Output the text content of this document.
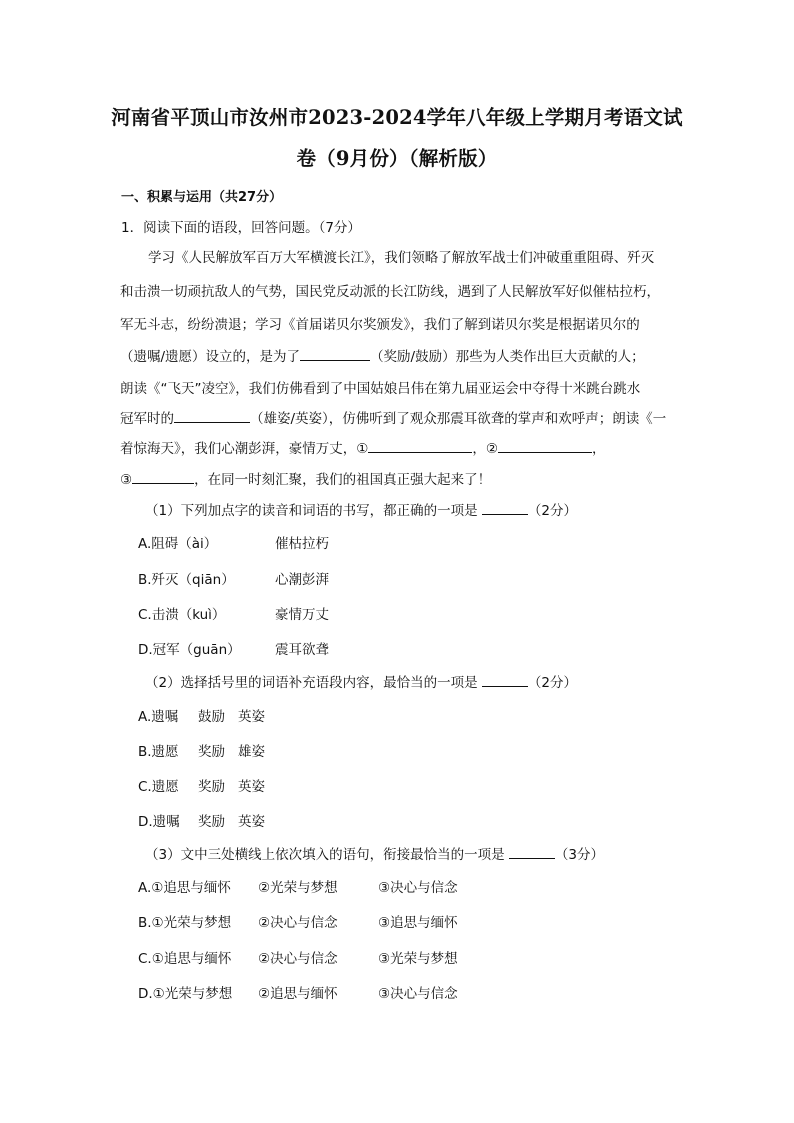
河南省平顶山市汝州市2023-2024学年八年级上学期月考语文试
卷（9月份）（解析版）
一、积累与运用（共27分）
1．阅读下面的语段，回答问题。（7分）
学习《人民解放军百万大军横渡长江》，我们领略了解放军战士们冲破重重阻碍、歼灭
和击溃一切顽抗敌人的气势，国民党反动派的长江防线，遇到了人民解放军好似催枯拉朽，
军无斗志，纷纷溃退；学习《首届诺贝尔奖颁发》，我们了解到诺贝尔奖是根据诺贝尔的
（遗嘱/遗愿）设立的，是为了	（奖励/鼓励）那些为人类作出巨大贡献的人；
朗读《“飞天”凌空》，我们仿佛看到了中国姑娘吕伟在第九届亚运会中夺得十米跳台跳水
冠军时的	（雄姿/英姿），仿佛听到了观众那震耳欲聋的掌声和欢呼声；朗读《一
着惊海天》，我们心潮彭湃，豪情万丈，①	，②	，
③	，在同一时刻汇聚，我们的祖国真正强大起来了！
（1）下列加点字的读音和词语的书写，都正确的一项是	（2分）
A.阻碍（ài）	催枯拉朽
B.歼灭（qiān）	心潮彭湃
C.击溃（kuì）	豪情万丈
D.冠军（guān）	震耳欲聋
（2）选择括号里的词语补充语段内容，最恰当的一项是	（2分）
A.遗嘱 鼓励 英姿
B.遗愿 奖励 雄姿
C.遗愿 奖励 英姿
D.遗嘱 奖励 英姿
（3）文中三处横线上依次填入的语句，衔接最恰当的一项是	（3分）
A.①追思与缅怀 ②光荣与梦想	③决心与信念
B.①光荣与梦想 ②决心与信念	③追思与缅怀
C.①追思与缅怀 ②决心与信念	③光荣与梦想
D.①光荣与梦想 ②追思与缅怀	③决心与信念
